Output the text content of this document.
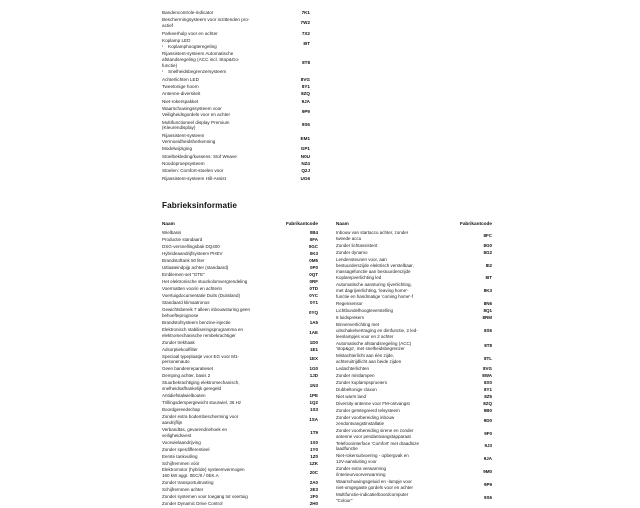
Bandencontrole-indicator	7K1
Beschermingsysteem voor inzittenden pro-
actief
7W2
Parkeerhulp voor en achter	7X2
Koplamp LED
▪ Koplamphoogteregeling
8IT
Rijassistent-systeem Automatische
afstandsregeling (ACC incl. Stop&Go-
functie)
▪ Snelheidsbegrenzersysteem
8T8
Achterlichten LED	8VG
Tweetonige hoorn	8Y1
Antenne-diversiteit	8ZQ
Niet-rokerspakket	9JA
Waarschuwingssysteem voor
Veiligheidsgordels voor en achter
9P9
Multifunctioneel display Premium
(Kleurendisplay)
9S6
Rijassistent-systeem
Vermoeidheidsherkenning
EM1
Modelwijziging	GP1
Stoelbekleding/kussens: Stof Weave	N0U
Noodoproepsysteem	NZ4
Stoelen: Comfort-stoelen voor	Q2J
Rijassistent-systeem Hill-Assist	UG6
Fabrieksinformatie
Naam	Fabrikantcode
Wielbasis	0B4
Productie standaard	0FA
DSG-versnellingsbak DQ400	0GC
Hybrideaandrijfsysteem PHEV	0K3
Brandstoftank 50 liter	0M5
Uitlaateindpijp achter (standaard)	0P0
Emblemen-set "GTE"	0QT
Het elektronische stuurkolomvergrendeling	0RF
Voermatten voorin en achterin	0TD
Voertuigdocumentatie Duits (Duitsland)	0YC
Standaard klimaatronos	0Y1
Gewichtsbereik 7 alleen inbouwsturing geen
behoefteprognose
0YQ
Brandstofsysteem benzine-injectie	1A5
Elektronisch stabiliseringsprogramma en
elektromechanische rembekrachtiger
1AE
Zonder trekhaak	1D0
Adsorptiekoolfilter	1E1
Speciaal typeplaatje voor EG voor M1-
personenauto
1EX
Geen bandenreparatieset	1G0
Demping achter, basis 2	1JD
Stuurbekrachtiging elektromechanisch,
snelheidsafhankelijk geregeld
1N3
Antidiefstalwielbouten	1PE
Trillingsdempergewicht stuurwiel, 36 Hz	1Q2
Boordgereedschap	1S3
Zonder extra bodembescherming voor
aandrijflijn
1SA
Verbandtas, gevarendriehoek en
veiligheidsvest
1T9
Voorwielaandrijving	1X0
Zonder sperdifferentieel	1Y0
Eerste tankvulling	1Z0
Schijfremmen vóór	1ZK
Elektromotor (hybride) systeemvermogen
160 kW aggr. 0EC/II / 0EK.A
20C
Zonder transportuitrusting	2A0
Schijfremmen achter	2E3
Zonder systemen voor toegang tot voertuig	2F0
Zonder Dynamic Drive Control	2H0
Naam	Fabrikantcode
Inbouw van startaccu achter, zonder
tweede accu
8FC
Zonder lichtassistent	8G0
Zonder dynamo	8G2
Lendensteunen voor, aan
bestuurderszijde elektrisch verstelbaar,
massagefunctie aan bestuurderszijde
8I2
Koplampverlichting led	8IT
Automatische aansturing rijverlichting,
met dagrijverlichting, 'leaving home'-
functie en handmatige 'coming home'-f
8K3
Regensensor	8N6
Lichtbundelhoogteverstelling	8Q1
8 luidsprekers	8RM
Binnenverlichting met
uitschakelvertraging en dimfunctie, 2 led-
leeslampjes voor en 2 achter
8S6
Automatische afstandsregeling (ACC)
'stop&go', met snelheidsbegrenzer
8T8
Mistachterlicht aan één zijde,
achteruitrijdlicht aan beide zijden
8TL
Ledachterlichten	8VG
Zonder mistlampen	8WA
Zonder koplampsproeiers	8X0
Dubbeltonige claxon	8Y1
Niet warm land	8Z5
Diversity-antenne voor FM-ontvangst	8ZQ
Zonder geïntegreerd telsysteem	9B0
Zonder voorbereiding inbouw
zendontvangstinstallatie
9D0
Zonder voorbereiding sirene en zonder
antenne voor pendantvangstapparaat
9F0
Telefooninterface 'Comfort' met draadloze
laadfunctie
9J3
Niet-rokersuitvoering - opbergvak en
12V-aansluiting voor
9JA
Zonder extra verwarming
/interieurvoorverwarming
9M0
Waarschuwingsgeluid en -lampje voor
niet-omgegaste gordels voor en achter
9P9
Multifunctie-indicatie/boordcomputer
"Colour"
9S6
